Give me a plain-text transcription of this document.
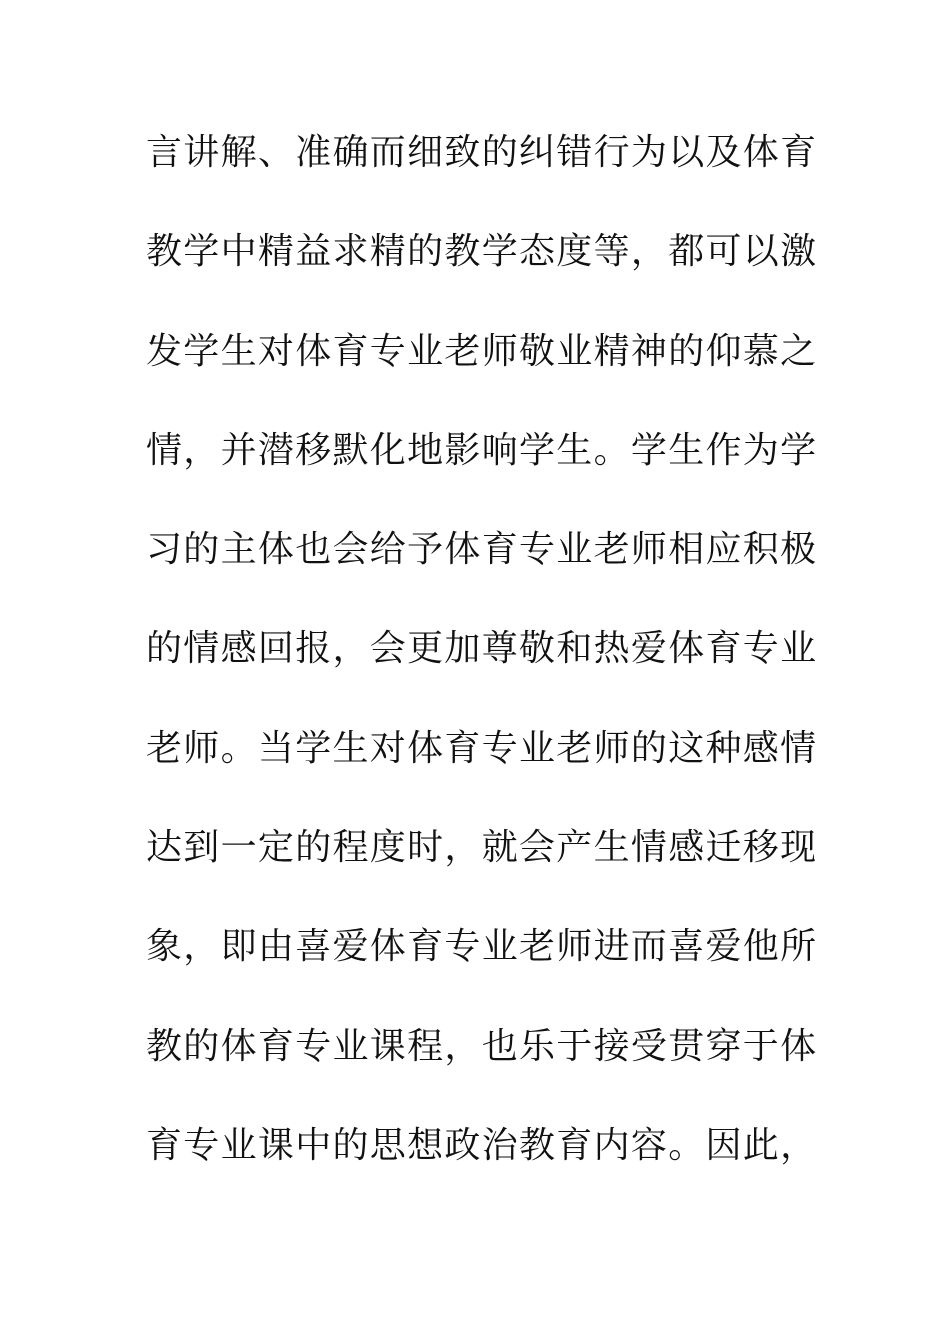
言讲解、准确而细致的纠错行为以及体育
教学中精益求精的教学态度等，都可以激
发学生对体育专业老师敬业精神的仰慕之
情，并潜移默化地影响学生。学生作为学
习的主体也会给予体育专业老师相应积极
的情感回报，会更加尊敬和热爱体育专业
老师。当学生对体育专业老师的这种感情
达到一定的程度时，就会产生情感迁移现
象，即由喜爱体育专业老师进而喜爱他所
教的体育专业课程，也乐于接受贯穿于体
育专业课中的思想政治教育内容。因此，
